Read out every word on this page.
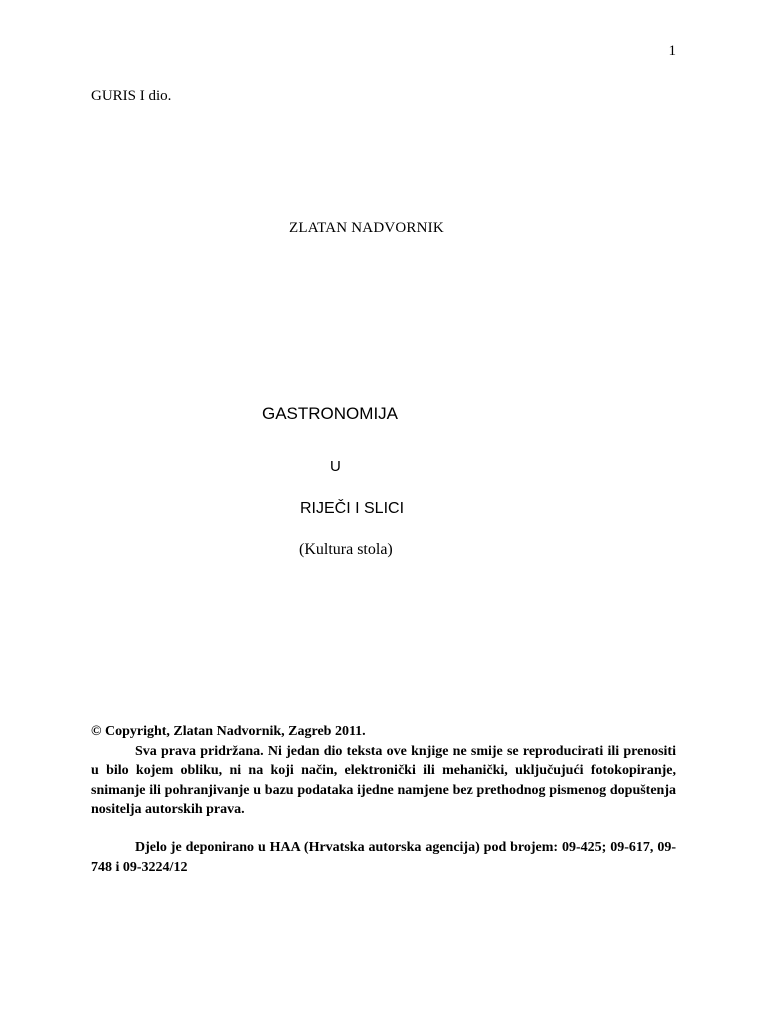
1
GURIS I dio.
ZLATAN NADVORNIK
GASTRONOMIJA
U
RIJEČI I SLICI
(Kultura stola)

© Copyright, Zlatan Nadvornik, Zagreb 2011.

Sva prava pridržana. Ni jedan dio teksta ove knjige ne smije se reproducirati ili prenositi u bilo kojem obliku, ni na koji način, elektronički ili mehanički, uključujući fotokopiranje, snimanje ili pohranjivanje u bazu podataka ijedne namjene bez prethodnog pismenog dopuštenja nositelja autorskih prava.

Djelo je deponirano u HAA (Hrvatska autorska agencija) pod brojem: 09-425; 09-617, 09-748 i 09-3224/12
